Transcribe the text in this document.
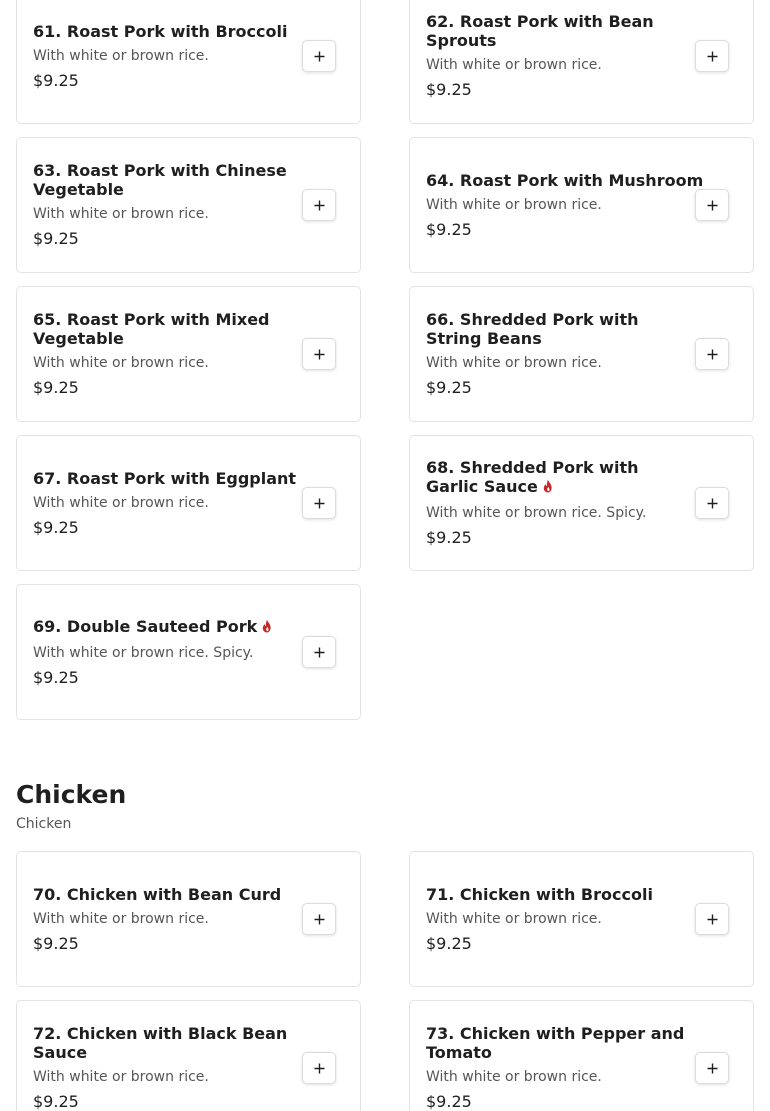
61. Roast Pork with Broccoli
With white or brown rice.
$9.25
62. Roast Pork with Bean Sprouts
With white or brown rice.
$9.25
63. Roast Pork with Chinese Vegetable
With white or brown rice.
$9.25
64. Roast Pork with Mushroom
With white or brown rice.
$9.25
65. Roast Pork with Mixed Vegetable
With white or brown rice.
$9.25
66. Shredded Pork with String Beans
With white or brown rice.
$9.25
67. Roast Pork with Eggplant
With white or brown rice.
$9.25
68. Shredded Pork with Garlic Sauce
With white or brown rice. Spicy.
$9.25
69. Double Sauteed Pork
With white or brown rice. Spicy.
$9.25
Chicken
Chicken
70. Chicken with Bean Curd
With white or brown rice.
$9.25
71. Chicken with Broccoli
With white or brown rice.
$9.25
72. Chicken with Black Bean Sauce
With white or brown rice.
$9.25
73. Chicken with Pepper and Tomato
With white or brown rice.
$9.25
